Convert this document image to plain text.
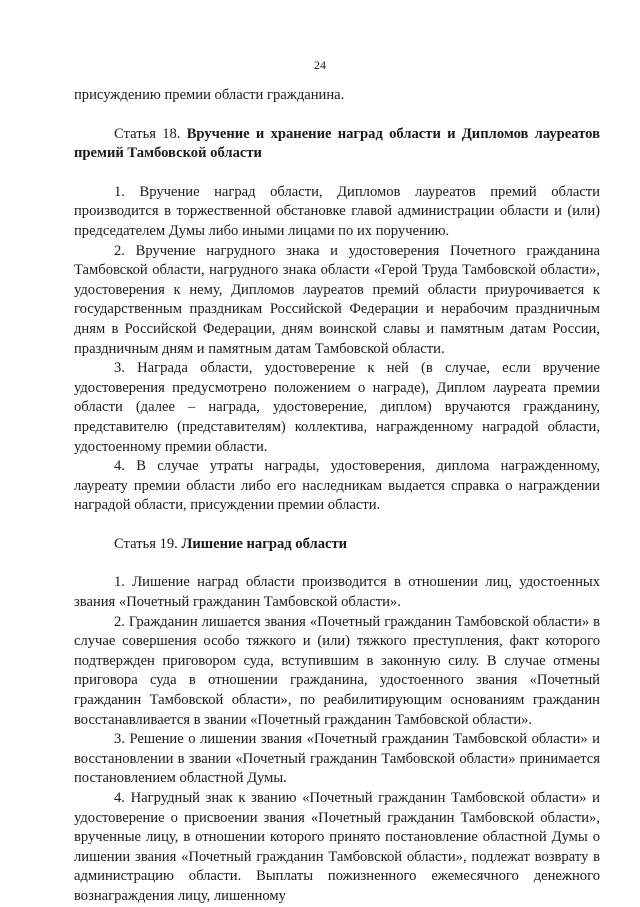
24

присуждению премии области гражданина.

Статья 18. Вручение и хранение наград области и Дипломов лауреатов премий Тамбовской области

1. Вручение наград области, Дипломов лауреатов премий области производится в торжественной обстановке главой администрации области и (или) председателем Думы либо иными лицами по их поручению.

2. Вручение нагрудного знака и удостоверения Почетного гражданина Тамбовской области, нагрудного знака области «Герой Труда Тамбовской области», удостоверения к нему, Дипломов лауреатов премий области приурочивается к государственным праздникам Российской Федерации и нерабочим праздничным дням в Российской Федерации, дням воинской славы и памятным датам России, праздничным дням и памятным датам Тамбовской области.

3. Награда области, удостоверение к ней (в случае, если вручение удостоверения предусмотрено положением о награде), Диплом лауреата премии области (далее – награда, удостоверение, диплом) вручаются гражданину, представителю (представителям) коллектива, награжденному наградой области, удостоенному премии области.

4. В случае утраты награды, удостоверения, диплома награжденному, лауреату премии области либо его наследникам выдается справка о награждении наградой области, присуждении премии области.

Статья 19. Лишение наград области

1. Лишение наград области производится в отношении лиц, удостоенных звания «Почетный гражданин Тамбовской области».

2. Гражданин лишается звания «Почетный гражданин Тамбовской области» в случае совершения особо тяжкого и (или) тяжкого преступления, факт которого подтвержден приговором суда, вступившим в законную силу. В случае отмены приговора суда в отношении гражданина, удостоенного звания «Почетный гражданин Тамбовской области», по реабилитирующим основаниям гражданин восстанавливается в звании «Почетный гражданин Тамбовской области».

3. Решение о лишении звания «Почетный гражданин Тамбовской области» и восстановлении в звании «Почетный гражданин Тамбовской области» принимается постановлением областной Думы.

4. Нагрудный знак к званию «Почетный гражданин Тамбовской области» и удостоверение о присвоении звания «Почетный гражданин Тамбовской области», врученные лицу, в отношении которого принято постановление областной Думы о лишении звания «Почетный гражданин Тамбовской области», подлежат возврату в администрацию области. Выплаты пожизненного ежемесячного денежного вознаграждения лицу, лишенному
